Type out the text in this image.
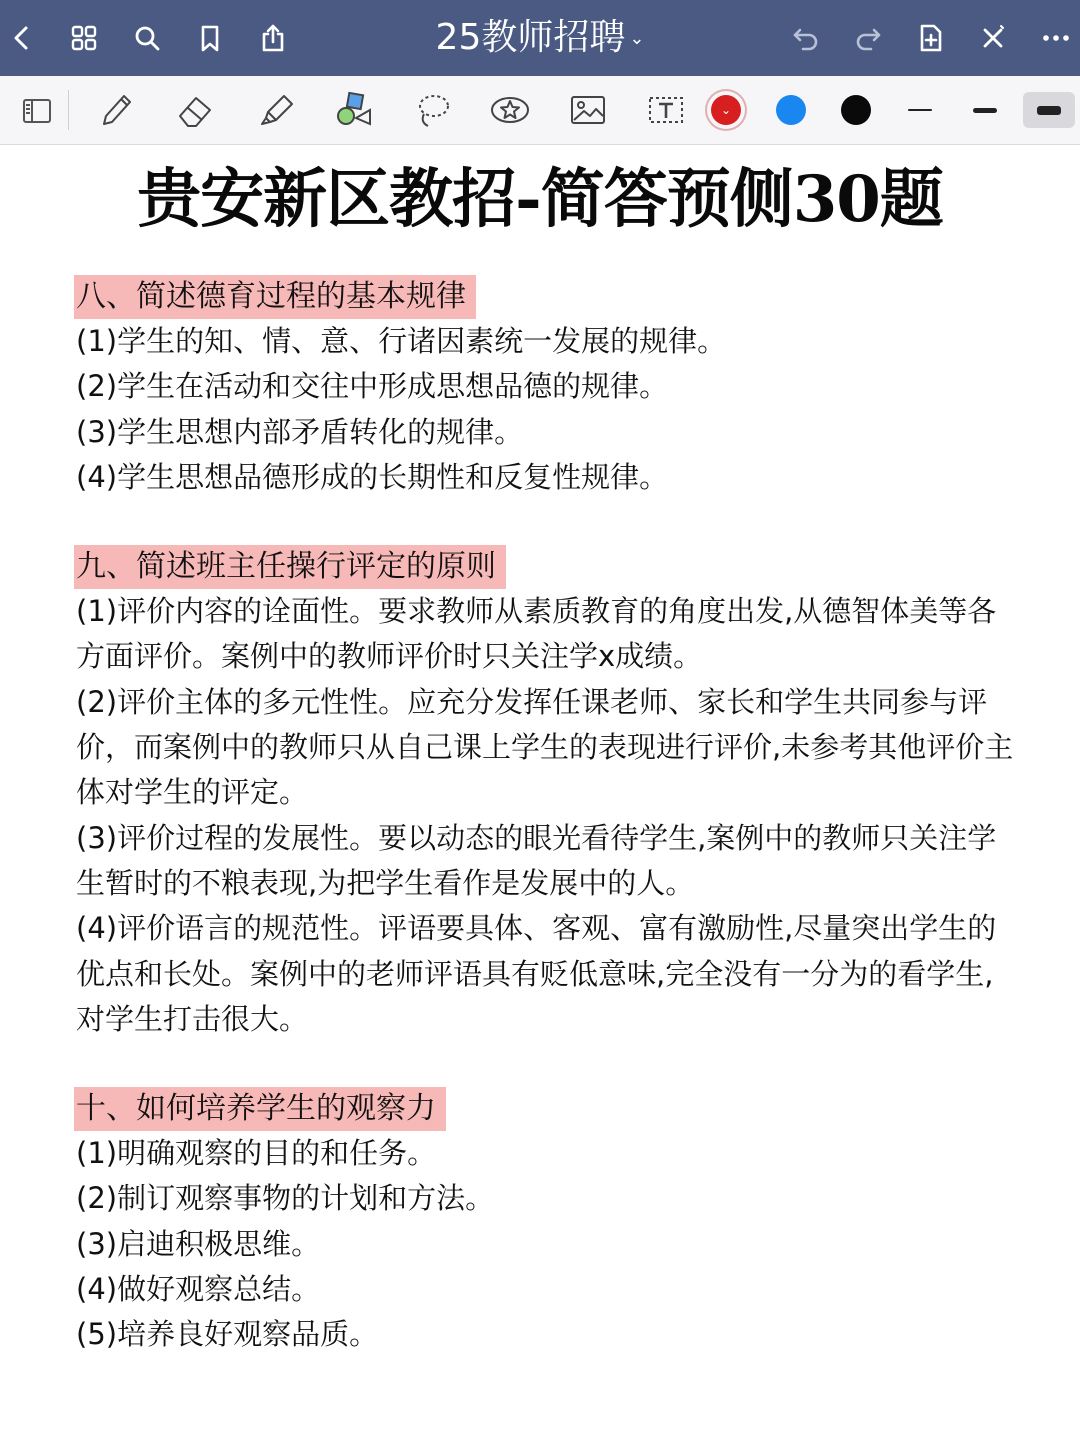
25教师招聘 ⌄
⌄
贵安新区教招-简答预侧30题
八、简述德育过程的基本规律

(1)学生的知、情、意、行诸因素统一发展的规律。

(2)学生在活动和交往中形成思想品德的规律。

(3)学生思想内部矛盾转化的规律。

(4)学生思想品德形成的长期性和反复性规律。

九、简述班主任操行评定的原则

(1)评价内容的诠面性。要求教师从素质教育的角度出发,从德智体美等各方面评价。案例中的教师评价时只关注学x成绩。

(2)评价主体的多元性性。应充分发挥任课老师、家长和学生共同参与评价，而案例中的教师只从自己课上学生的表现进行评价,未参考其他评价主体对学生的评定。

(3)评价过程的发展性。要以动态的眼光看待学生,案例中的教师只关注学生暂时的不粮表现,为把学生看作是发展中的人。

(4)评价语言的规范性。评语要具体、客观、富有激励性,尽量突出学生的优点和长处。案例中的老师评语具有贬低意味,完全没有一分为的看学生,对学生打击很大。

十、如何培养学生的观察力

(1)明确观察的目的和任务。

(2)制订观察事物的计划和方法。

(3)启迪积极思维。

(4)做好观察总结。

(5)培养良好观察品质。
